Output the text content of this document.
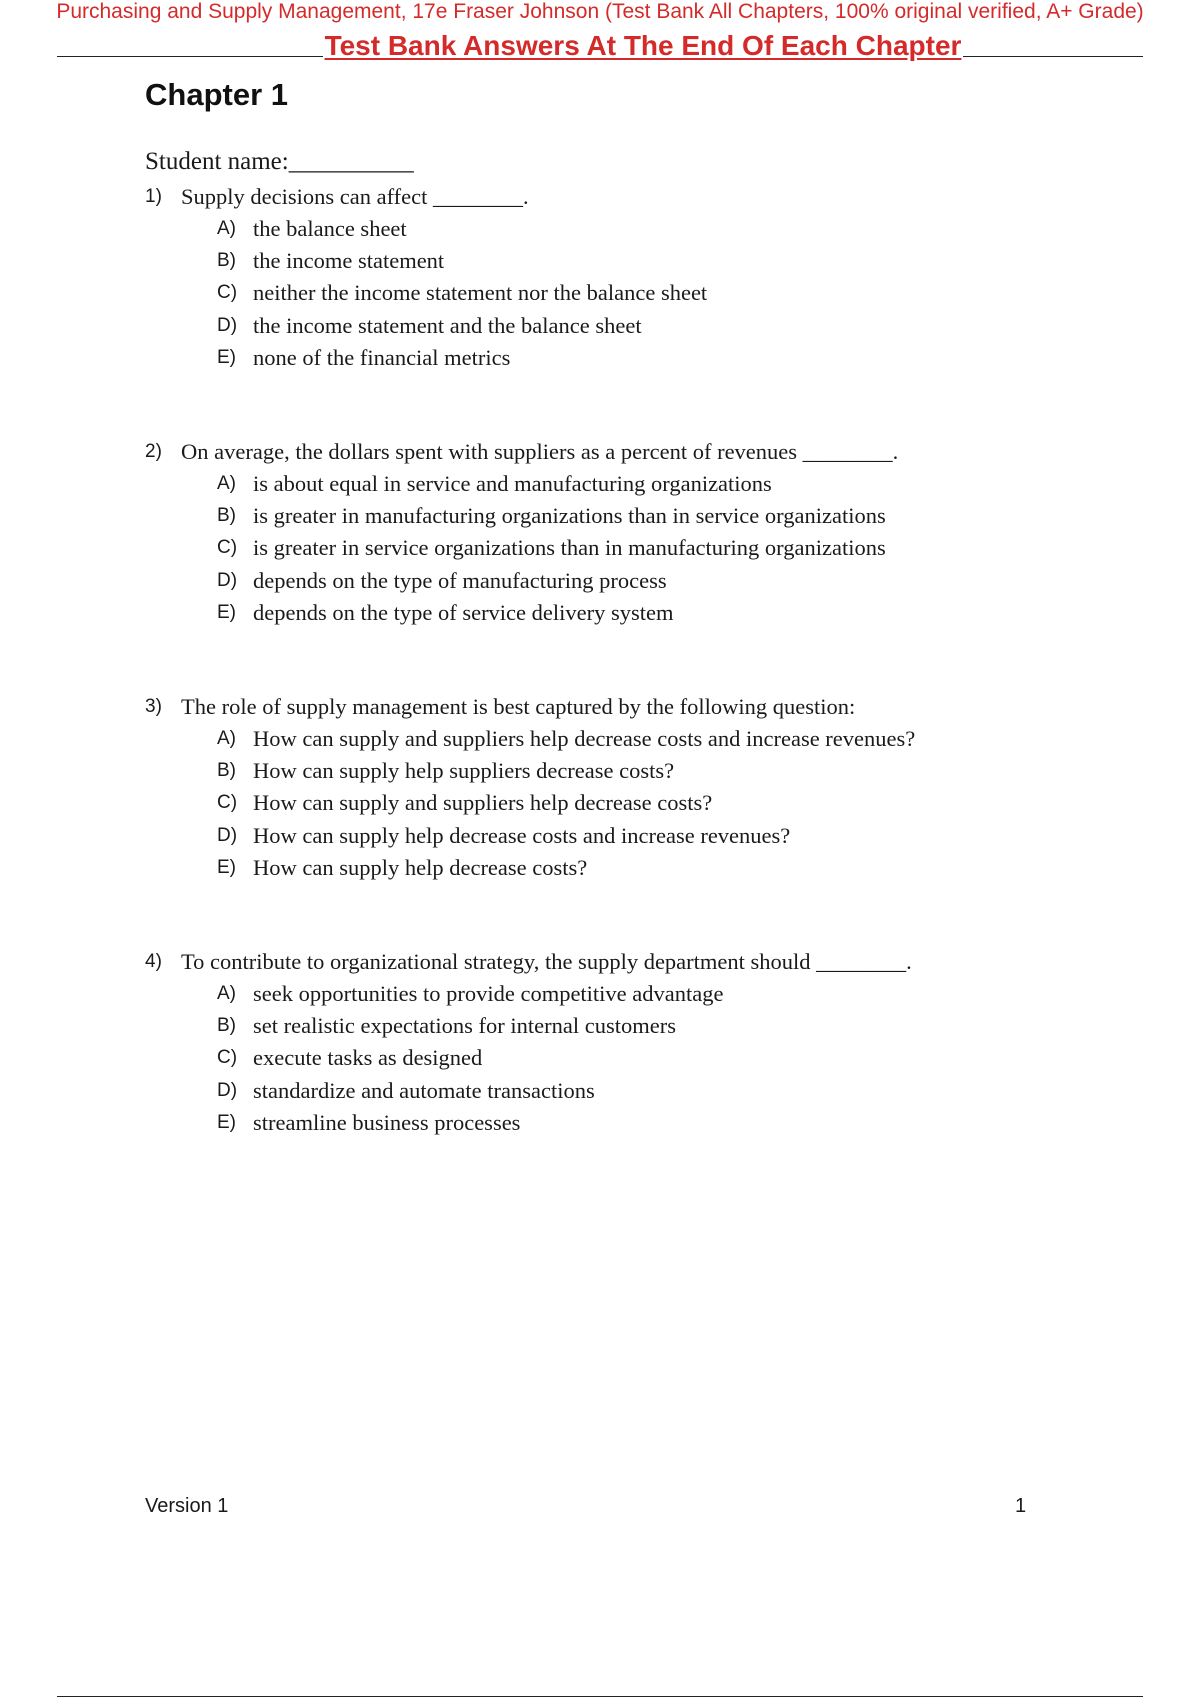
Purchasing and Supply Management, 17e Fraser Johnson (Test Bank All Chapters, 100% original verified, A+ Grade)
Test Bank Answers At The End Of Each Chapter
Chapter 1
Student name:__________
1) Supply decisions can affect ________.
A) the balance sheet
B) the income statement
C) neither the income statement nor the balance sheet
D) the income statement and the balance sheet
E) none of the financial metrics
2) On average, the dollars spent with suppliers as a percent of revenues ________.
A) is about equal in service and manufacturing organizations
B) is greater in manufacturing organizations than in service organizations
C) is greater in service organizations than in manufacturing organizations
D) depends on the type of manufacturing process
E) depends on the type of service delivery system
3) The role of supply management is best captured by the following question:
A) How can supply and suppliers help decrease costs and increase revenues?
B) How can supply help suppliers decrease costs?
C) How can supply and suppliers help decrease costs?
D) How can supply help decrease costs and increase revenues?
E) How can supply help decrease costs?
4) To contribute to organizational strategy, the supply department should ________.
A) seek opportunities to provide competitive advantage
B) set realistic expectations for internal customers
C) execute tasks as designed
D) standardize and automate transactions
E) streamline business processes
Version 1	1
